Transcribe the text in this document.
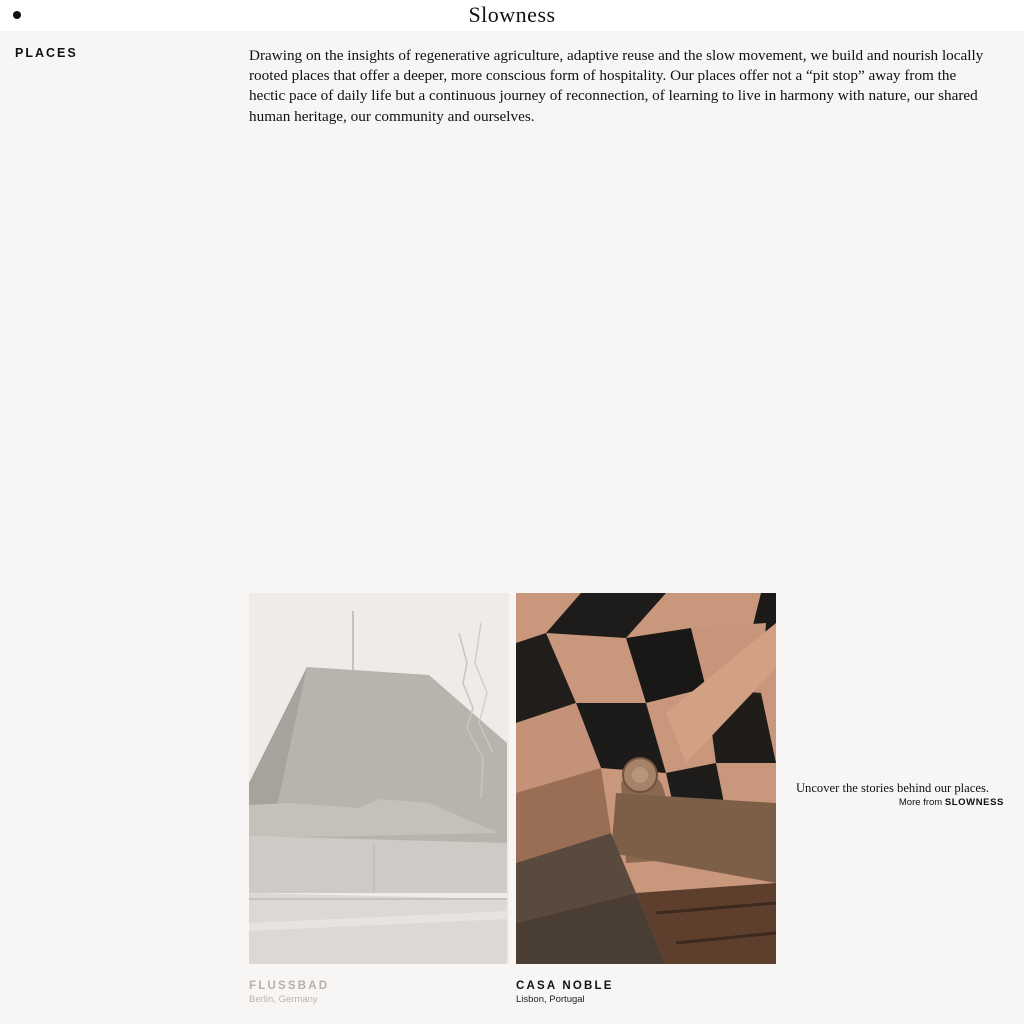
Slowness
PLACES	Drawing on the insights of regenerative agriculture, adaptive reuse and the slow movement, we build and nourish locally rooted places that offer a deeper, more conscious form of hospitality. Our places offer not a “pit stop” away from the hectic pace of daily life but a continuous journey of reconnection, of learning to live in harmony with nature, our shared human heritage, our community and ourselves.

FLUSSBAD
Berlin, Germany
CASA NOBLE
Lisbon, Portugal
Uncover the stories behind our places.
More from SLOWNESS
